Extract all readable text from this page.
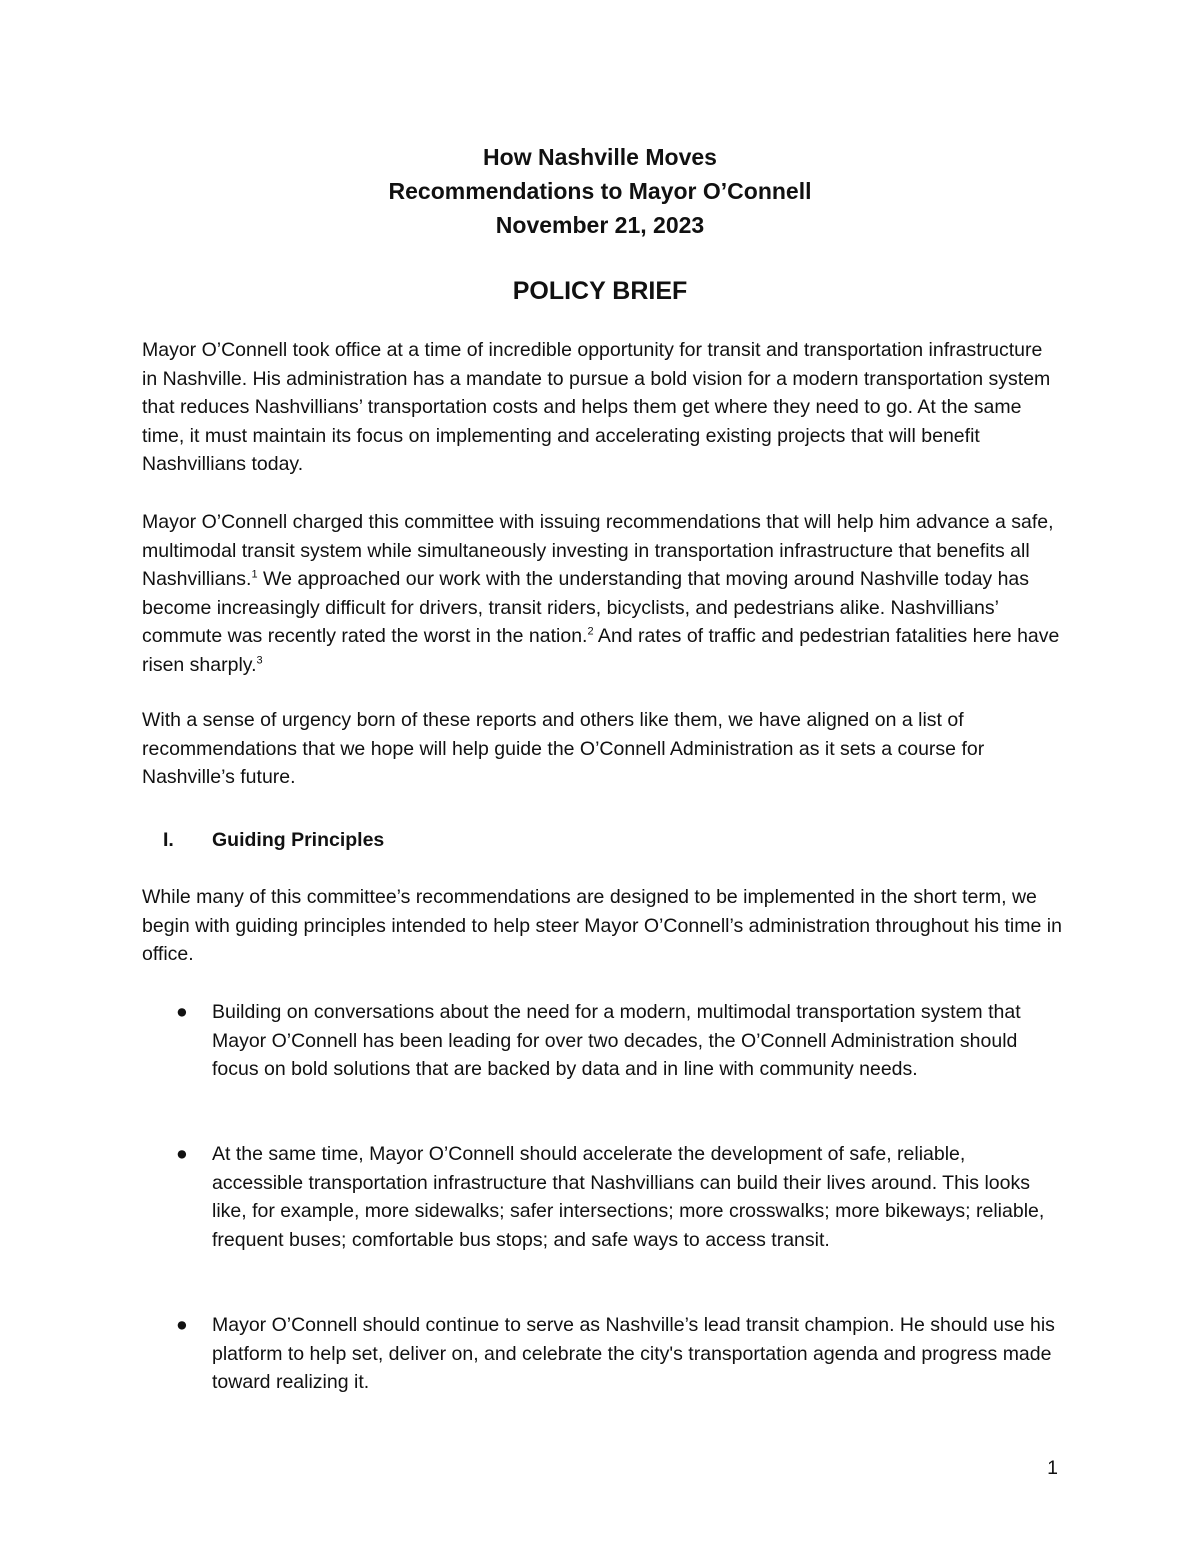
How Nashville Moves
Recommendations to Mayor O’Connell
November 21, 2023
POLICY BRIEF

Mayor O’Connell took office at a time of incredible opportunity for transit and transportation infrastructure in Nashville. His administration has a mandate to pursue a bold vision for a modern transportation system that reduces Nashvillians’ transportation costs and helps them get where they need to go. At the same time, it must maintain its focus on implementing and accelerating existing projects that will benefit Nashvillians today.

Mayor O’Connell charged this committee with issuing recommendations that will help him advance a safe, multimodal transit system while simultaneously investing in transportation infrastructure that benefits all Nashvillians.$^1$ We approached our work with the understanding that moving around Nashville today has become increasingly difficult for drivers, transit riders, bicyclists, and pedestrians alike. Nashvillians’ commute was recently rated the worst in the nation.$^2$ And rates of traffic and pedestrian fatalities here have risen sharply.$^3$

With a sense of urgency born of these reports and others like them, we have aligned on a list of recommendations that we hope will help guide the O’Connell Administration as it sets a course for Nashville’s future.

I. Guiding Principles

While many of this committee’s recommendations are designed to be implemented in the short term, we begin with guiding principles intended to help steer Mayor O’Connell’s administration throughout his time in office.

●	Building on conversations about the need for a modern, multimodal transportation system that Mayor O’Connell has been leading for over two decades, the O’Connell Administration should focus on bold solutions that are backed by data and in line with community needs.
●	At the same time, Mayor O’Connell should accelerate the development of safe, reliable, accessible transportation infrastructure that Nashvillians can build their lives around. This looks like, for example, more sidewalks; safer intersections; more crosswalks; more bikeways; reliable, frequent buses; comfortable bus stops; and safe ways to access transit.
●	Mayor O’Connell should continue to serve as Nashville’s lead transit champion. He should use his platform to help set, deliver on, and celebrate the city's transportation agenda and progress made toward realizing it.
1
